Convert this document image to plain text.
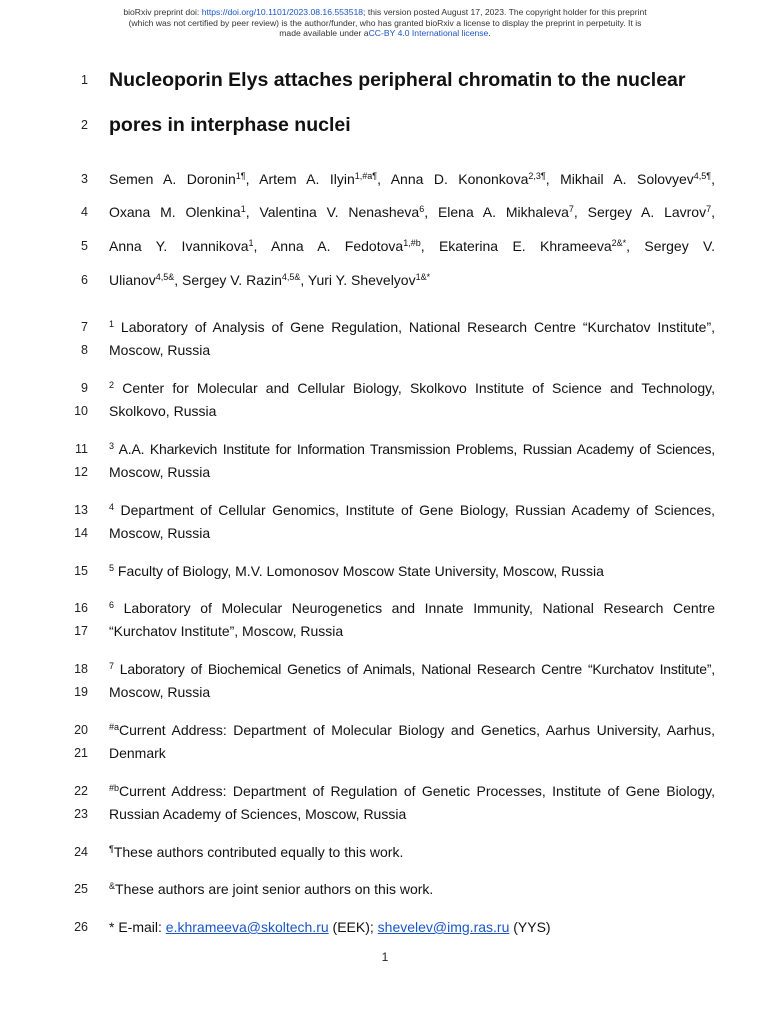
bioRxiv preprint doi: https://doi.org/10.1101/2023.08.16.553518; this version posted August 17, 2023. The copyright holder for this preprint
(which was not certified by peer review) is the author/funder, who has granted bioRxiv a license to display the preprint in perpetuity. It is
made available under aCC-BY 4.0 International license.
1
2
3
4
5
6
7
8
9
10
11
12
13
14
15
16
17
18
19
20
21
22
23
24
25
26
Nucleoporin Elys attaches peripheral chromatin to the nuclear
pores in interphase nuclei
Semen A. Doronin$^{1\P}$, Artem A. Ilyin$^{1,\#a\P}$, Anna D. Kononkova$^{2,3\P}$, Mikhail A. Solovyev$^{4,5\P}$,
Oxana M. Olenkina$^1$, Valentina V. Nenasheva$^6$, Elena A. Mikhaleva$^7$, Sergey A. Lavrov$^7$,
Anna Y. Ivannikova$^1$, Anna A. Fedotova$^{1,\#b}$, Ekaterina E. Khrameeva$^{2\&*}$, Sergey V.
Ulianov$^{4,5\&}$, Sergey V. Razin$^{4,5\&}$, Yuri Y. Shevelyov$^{1\&*}$
$^1$ Laboratory of Analysis of Gene Regulation, National Research Centre “Kurchatov Institute”,
Moscow, Russia
$^2$ Center for Molecular and Cellular Biology, Skolkovo Institute of Science and Technology,
Skolkovo, Russia
$^3$ A.A. Kharkevich Institute for Information Transmission Problems, Russian Academy of Sciences,
Moscow, Russia
$^4$ Department of Cellular Genomics, Institute of Gene Biology, Russian Academy of Sciences,
Moscow, Russia
$^5$ Faculty of Biology, M.V. Lomonosov Moscow State University, Moscow, Russia
$^6$ Laboratory of Molecular Neurogenetics and Innate Immunity, National Research Centre
“Kurchatov Institute”, Moscow, Russia
$^7$ Laboratory of Biochemical Genetics of Animals, National Research Centre “Kurchatov Institute”,
Moscow, Russia
$^{\#a}$Current Address: Department of Molecular Biology and Genetics, Aarhus University, Aarhus,
Denmark
$^{\#b}$Current Address: Department of Regulation of Genetic Processes, Institute of Gene Biology,
Russian Academy of Sciences, Moscow, Russia
¶These authors contributed equally to this work.
&These authors are joint senior authors on this work.
* E-mail: e.khrameeva@skoltech.ru (EEK); shevelev@img.ras.ru (YYS)
1
